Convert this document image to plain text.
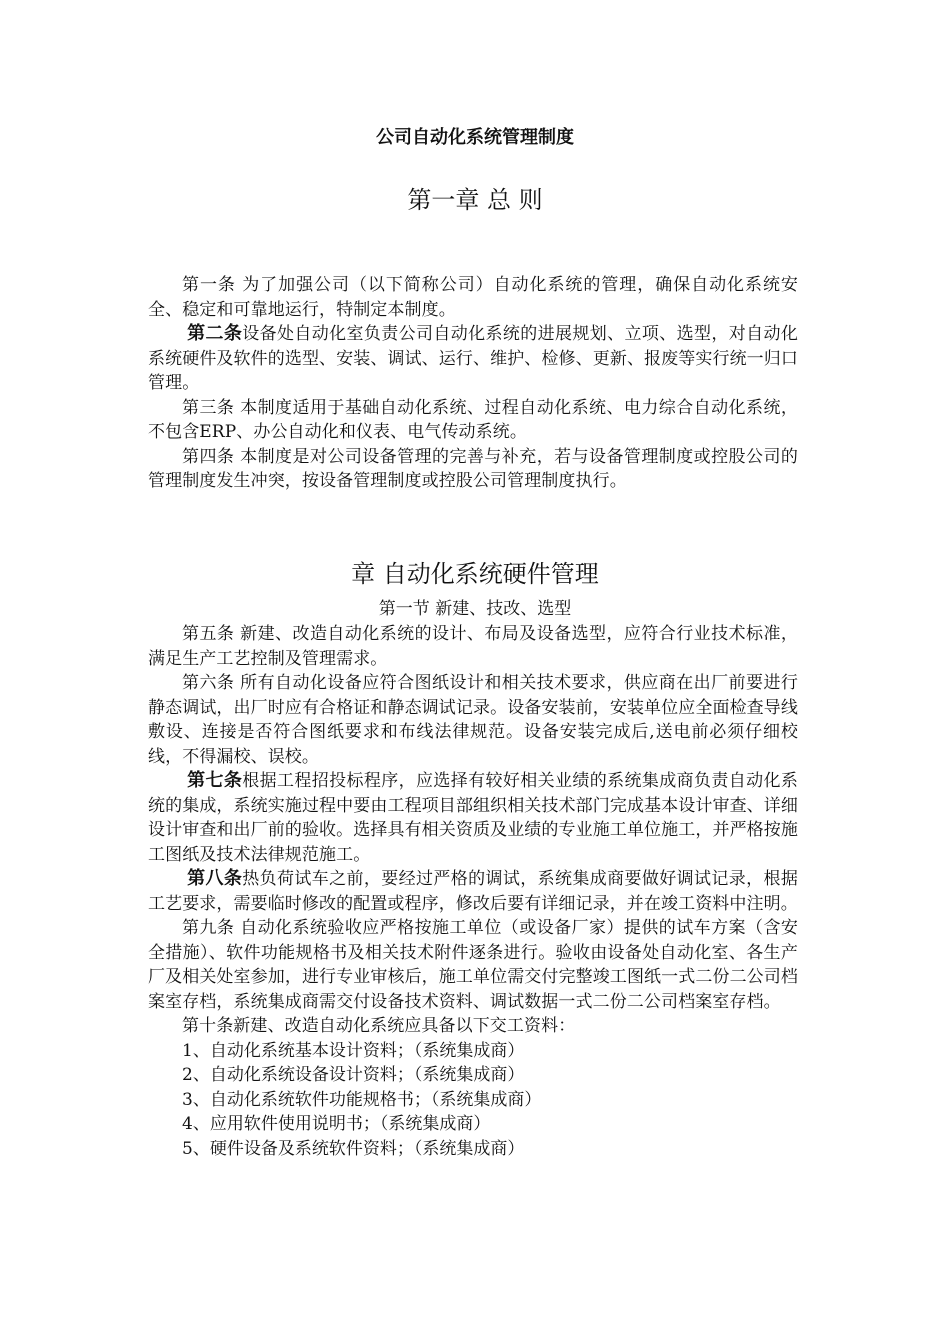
公司自动化系统管理制度
第一章 总 则

第一条 为了加强公司（以下简称公司）自动化系统的管理，确保自动化系统安全、稳定和可靠地运行，特制定本制度。

第二条设备处自动化室负责公司自动化系统的进展规划、立项、选型，对自动化系统硬件及软件的选型、安装、调试、运行、维护、检修、更新、报废等实行统一归口管理。

第三条 本制度适用于基础自动化系统、过程自动化系统、电力综合自动化系统，不包含ERP、办公自动化和仪表、电气传动系统。

第四条 本制度是对公司设备管理的完善与补充，若与设备管理制度或控股公司的管理制度发生冲突，按设备管理制度或控股公司管理制度执行。

章 自动化系统硬件管理
第一节 新建、技改、选型

第五条 新建、改造自动化系统的设计、布局及设备选型，应符合行业技术标准，满足生产工艺控制及管理需求。

第六条 所有自动化设备应符合图纸设计和相关技术要求，供应商在出厂前要进行静态调试，出厂时应有合格证和静态调试记录。设备安装前，安装单位应全面检查导线敷设、连接是否符合图纸要求和布线法律规范。设备安装完成后,送电前必须仔细校线，不得漏校、误校。

第七条根据工程招投标程序，应选择有较好相关业绩的系统集成商负责自动化系统的集成，系统实施过程中要由工程项目部组织相关技术部门完成基本设计审查、详细设计审查和出厂前的验收。选择具有相关资质及业绩的专业施工单位施工，并严格按施工图纸及技术法律规范施工。

第八条热负荷试车之前，要经过严格的调试，系统集成商要做好调试记录，根据工艺要求，需要临时修改的配置或程序，修改后要有详细记录，并在竣工资料中注明。

第九条 自动化系统验收应严格按施工单位（或设备厂家）提供的试车方案（含安全措施）、软件功能规格书及相关技术附件逐条进行。验收由设备处自动化室、各生产厂及相关处室参加，进行专业审核后，施工单位需交付完整竣工图纸一式二份二公司档案室存档，系统集成商需交付设备技术资料、调试数据一式二份二公司档案室存档。

第十条新建、改造自动化系统应具备以下交工资料：

1、自动化系统基本设计资料；（系统集成商）

2、自动化系统设备设计资料；（系统集成商）

3、自动化系统软件功能规格书；（系统集成商）

4、应用软件使用说明书；（系统集成商）

5、硬件设备及系统软件资料；（系统集成商）
